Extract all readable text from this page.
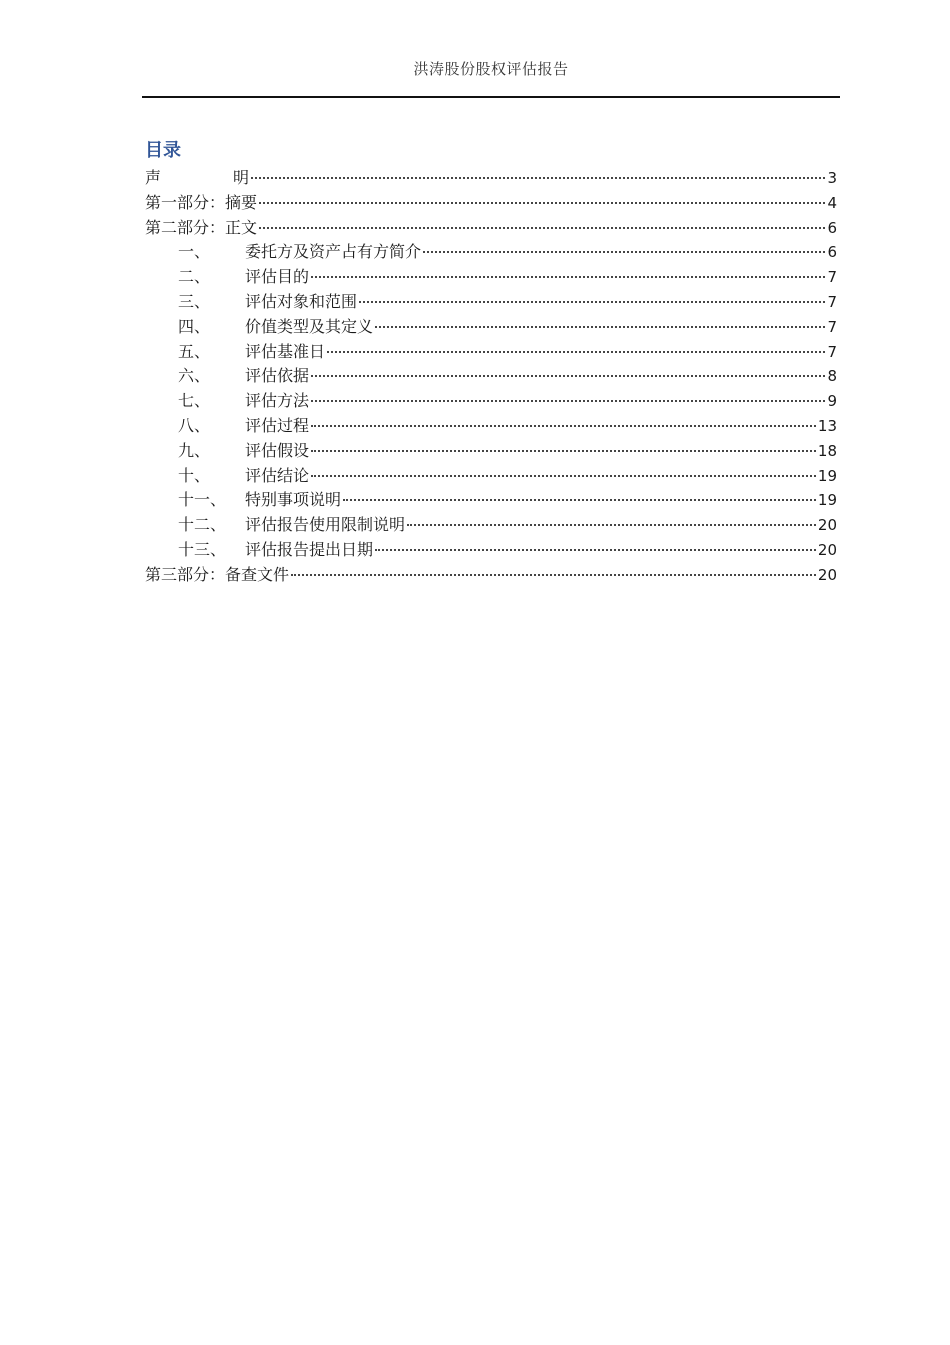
洪涛股份股权评估报告
目录
声　　明	3
第一部分：摘要	4
第二部分：正文	6
一、	委托方及资产占有方简介	6
二、	评估目的	7
三、	评估对象和范围	7
四、	价值类型及其定义	7
五、	评估基准日	7
六、	评估依据	8
七、	评估方法	9
八、	评估过程	13
九、	评估假设	18
十、	评估结论	19
十一、	特别事项说明	19
十二、	评估报告使用限制说明	20
十三、	评估报告提出日期	20
第三部分：备查文件	20
